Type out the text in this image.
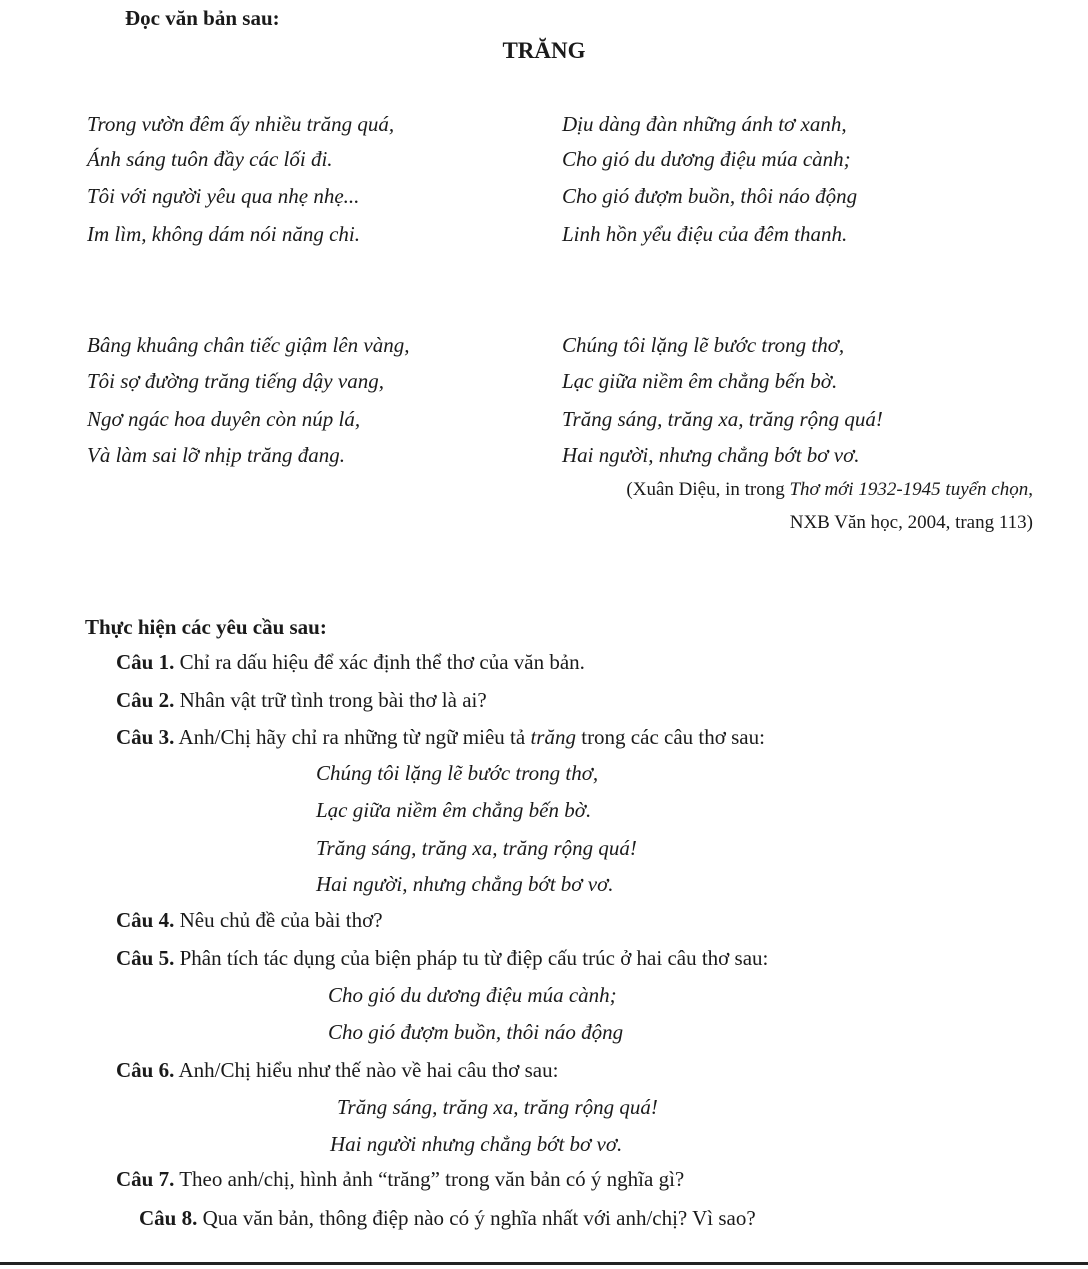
Đọc văn bản sau:
TRĂNG
Trong vườn đêm ấy nhiều trăng quá,
Ánh sáng tuôn đầy các lối đi.
Tôi với người yêu qua nhẹ nhẹ...
Im lìm, không dám nói năng chi.
Dịu dàng đàn những ánh tơ xanh,
Cho gió du dương điệu múa cành;
Cho gió đượm buồn, thôi náo động
Linh hồn yểu điệu của đêm thanh.
Bâng khuâng chân tiếc giậm lên vàng,
Tôi sợ đường trăng tiếng dậy vang,
Ngơ ngác hoa duyên còn núp lá,
Và làm sai lỡ nhịp trăng đang.
Chúng tôi lặng lẽ bước trong thơ,
Lạc giữa niềm êm chẳng bến bờ.
Trăng sáng, trăng xa, trăng rộng quá!
Hai người, nhưng chẳng bớt bơ vơ.
(Xuân Diệu, in trong Thơ mới 1932-1945 tuyển chọn,
NXB Văn học, 2004, trang 113)
Thực hiện các yêu cầu sau:
Câu 1. Chỉ ra dấu hiệu để xác định thể thơ của văn bản.
Câu 2. Nhân vật trữ tình trong bài thơ là ai?
Câu 3. Anh/Chị hãy chỉ ra những từ ngữ miêu tả trăng trong các câu thơ sau:
Chúng tôi lặng lẽ bước trong thơ,
Lạc giữa niềm êm chẳng bến bờ.
Trăng sáng, trăng xa, trăng rộng quá!
Hai người, nhưng chẳng bớt bơ vơ.
Câu 4. Nêu chủ đề của bài thơ?
Câu 5. Phân tích tác dụng của biện pháp tu từ điệp cấu trúc ở hai câu thơ sau:
Cho gió du dương điệu múa cành;
Cho gió đượm buồn, thôi náo động
Câu 6. Anh/Chị hiểu như thế nào về hai câu thơ sau:
Trăng sáng, trăng xa, trăng rộng quá!
Hai người nhưng chẳng bớt bơ vơ.
Câu 7. Theo anh/chị, hình ảnh “trăng” trong văn bản có ý nghĩa gì?
Câu 8. Qua văn bản, thông điệp nào có ý nghĩa nhất với anh/chị? Vì sao?
